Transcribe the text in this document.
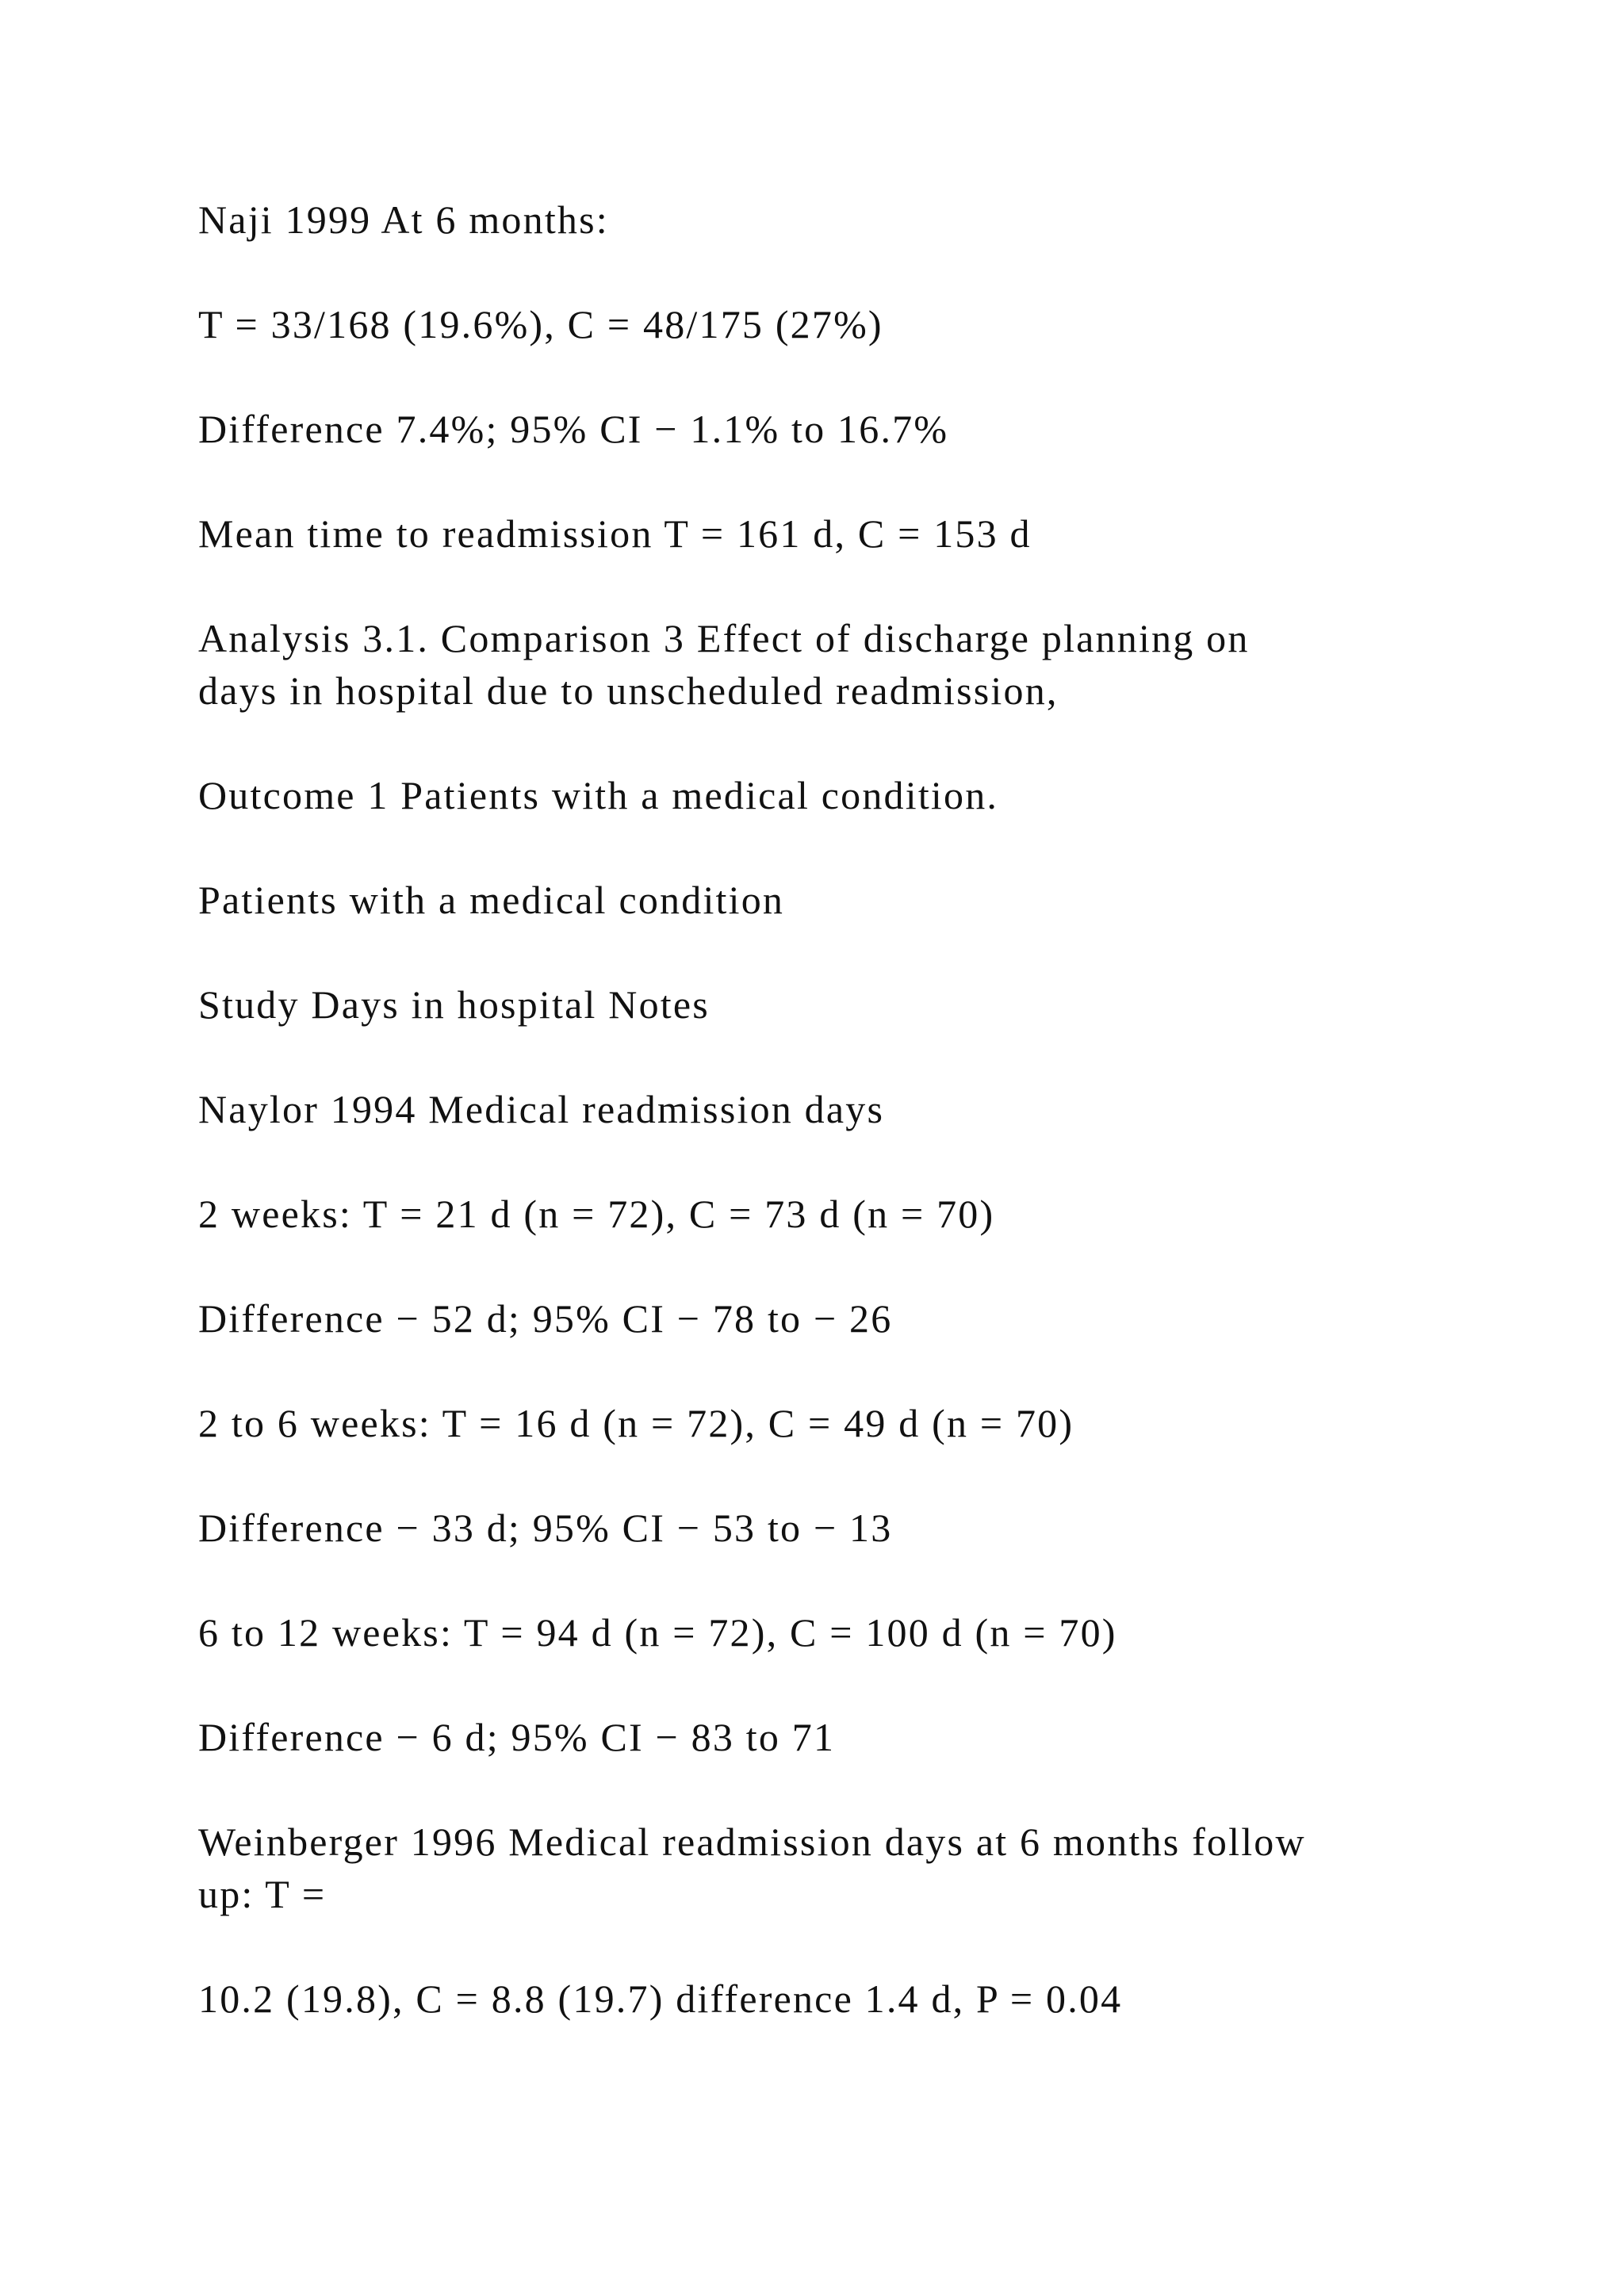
Naji 1999 At 6 months:

T = 33/168 (19.6%), C = 48/175 (27%)

Difference 7.4%; 95% CI − 1.1% to 16.7%

Mean time to readmission T = 161 d, C = 153 d

Analysis 3.1. Comparison 3 Effect of discharge planning on
days in hospital due to unscheduled readmission,

Outcome 1 Patients with a medical condition.

Patients with a medical condition

Study Days in hospital Notes

Naylor 1994 Medical readmission days

2 weeks: T = 21 d (n = 72), C = 73 d (n = 70)

Difference − 52 d; 95% CI − 78 to − 26

2 to 6 weeks: T = 16 d (n = 72), C = 49 d (n = 70)

Difference − 33 d; 95% CI − 53 to − 13

6 to 12 weeks: T = 94 d (n = 72), C = 100 d (n = 70)

Difference − 6 d; 95% CI − 83 to 71

Weinberger 1996 Medical readmission days at 6 months follow
up: T =

10.2 (19.8), C = 8.8 (19.7) difference 1.4 d, P = 0.04
